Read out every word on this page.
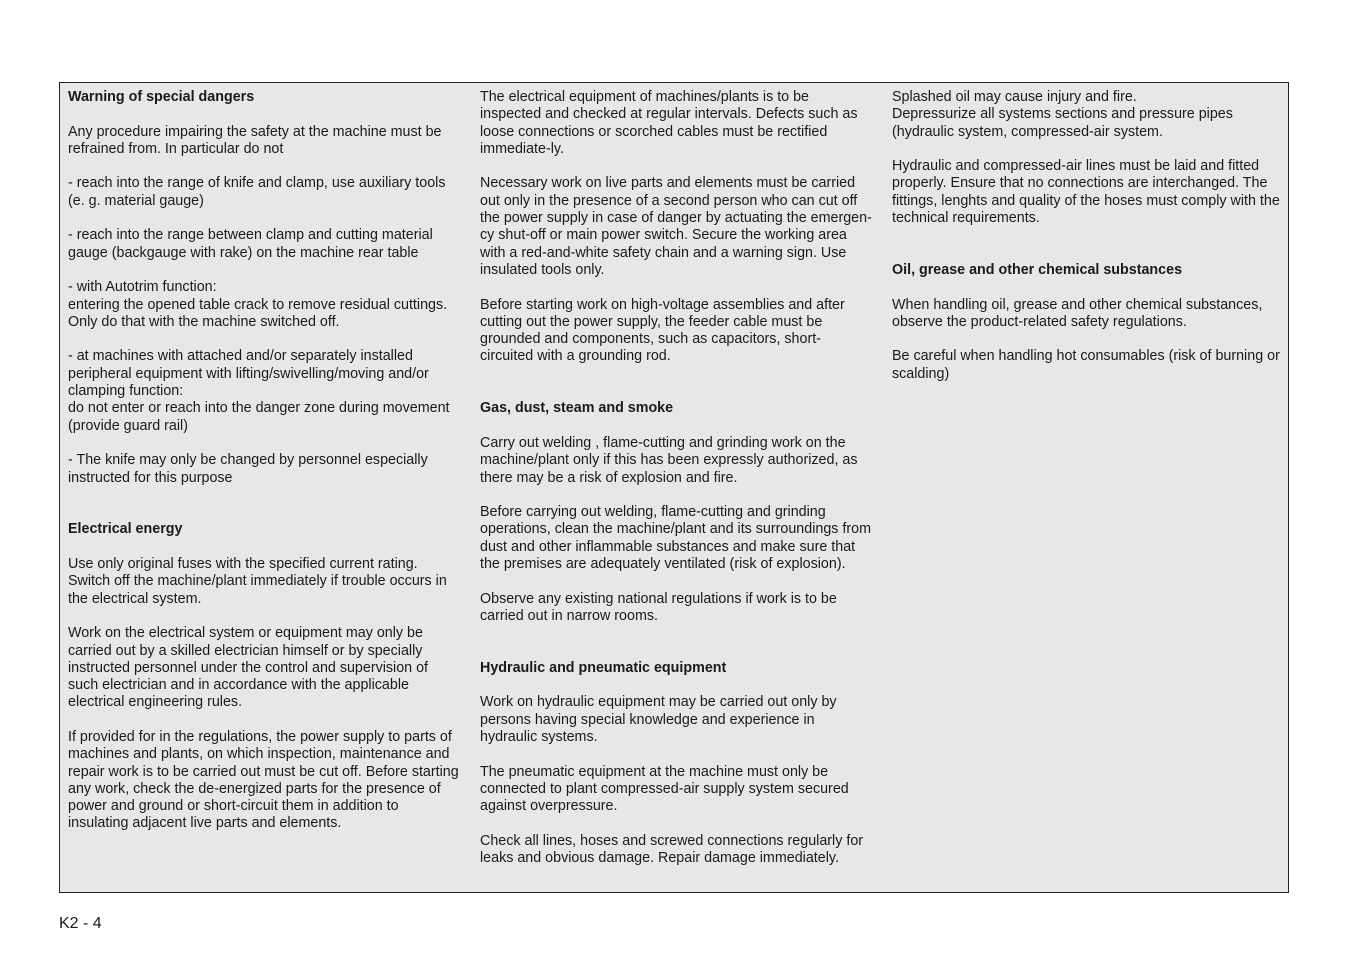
Warning of special dangers

Any procedure impairing the safety at the machine must be refrained from. In particular do not

- reach into the range of knife and clamp, use auxiliary tools (e. g. material gauge)

- reach into the range between clamp and cutting material gauge (backgauge with rake) on the machine rear table

- with Autotrim function:
entering the opened table crack to remove residual cuttings. Only do that with the machine switched off.

- at machines with attached and/or separately installed peripheral equipment with lifting/swivelling/moving and/or clamping function:
do not enter or reach into the danger zone during movement (provide guard rail)

- The knife may only be changed by personnel especially instructed for this purpose

Electrical energy

Use only original fuses with the specified current rating. Switch off the machine/plant immediately if trouble occurs in the electrical system.

Work on the electrical system or equipment may only be carried out by a skilled electrician himself or by specially instructed personnel under the control and supervision of such electrician and in accordance with the applicable electrical engineering rules.

If provided for in the regulations, the power supply to parts of machines and plants, on which inspection, maintenance and repair work is to be carried out must be cut off. Before starting any work, check the de-energized parts for the presence of power and ground or short-circuit them in addition to insulating adjacent live parts and elements.

The electrical equipment of machines/plants is to be inspected and checked at regular intervals. Defects such as loose connections or scorched cables must be rectified immediate-ly.

Necessary work on live parts and elements must be carried out only in the presence of a second person who can cut off the power supply in case of danger by actuating the emergen-cy shut-off or main power switch. Secure the working area with a red-and-white safety chain and a warning sign. Use insulated tools only.

Before starting work on high-voltage assemblies and after cutting out the power supply, the feeder cable must be grounded and components, such as capacitors, short-circuited with a grounding rod.

Gas, dust, steam and smoke

Carry out welding , flame-cutting and grinding work on the machine/plant only if this has been expressly authorized, as there may be a risk of explosion and fire.

Before carrying out welding, flame-cutting and grinding operations, clean the machine/plant and its surroundings from dust and other inflammable substances and make sure that the premises are adequately ventilated (risk of explosion).

Observe any existing national regulations if work is to be carried out in narrow rooms.

Hydraulic and pneumatic equipment

Work on hydraulic equipment may be carried out only by persons having special knowledge and experience in hydraulic systems.

The pneumatic equipment at the machine must only be connected to plant compressed-air supply system secured against overpressure.

Check all lines, hoses and screwed connections regularly for leaks and obvious damage. Repair damage immediately.

Splashed oil may cause injury and fire.
Depressurize all systems sections and pressure pipes (hydraulic system, compressed-air system.

Hydraulic and compressed-air lines must be laid and fitted properly. Ensure that no connections are interchanged. The fittings, lenghts and quality of the hoses must comply with the technical requirements.

Oil, grease and other chemical substances

When handling oil, grease and other chemical substances, observe the product-related safety regulations.

Be careful when handling hot consumables (risk of burning or scalding)

K2 - 4
